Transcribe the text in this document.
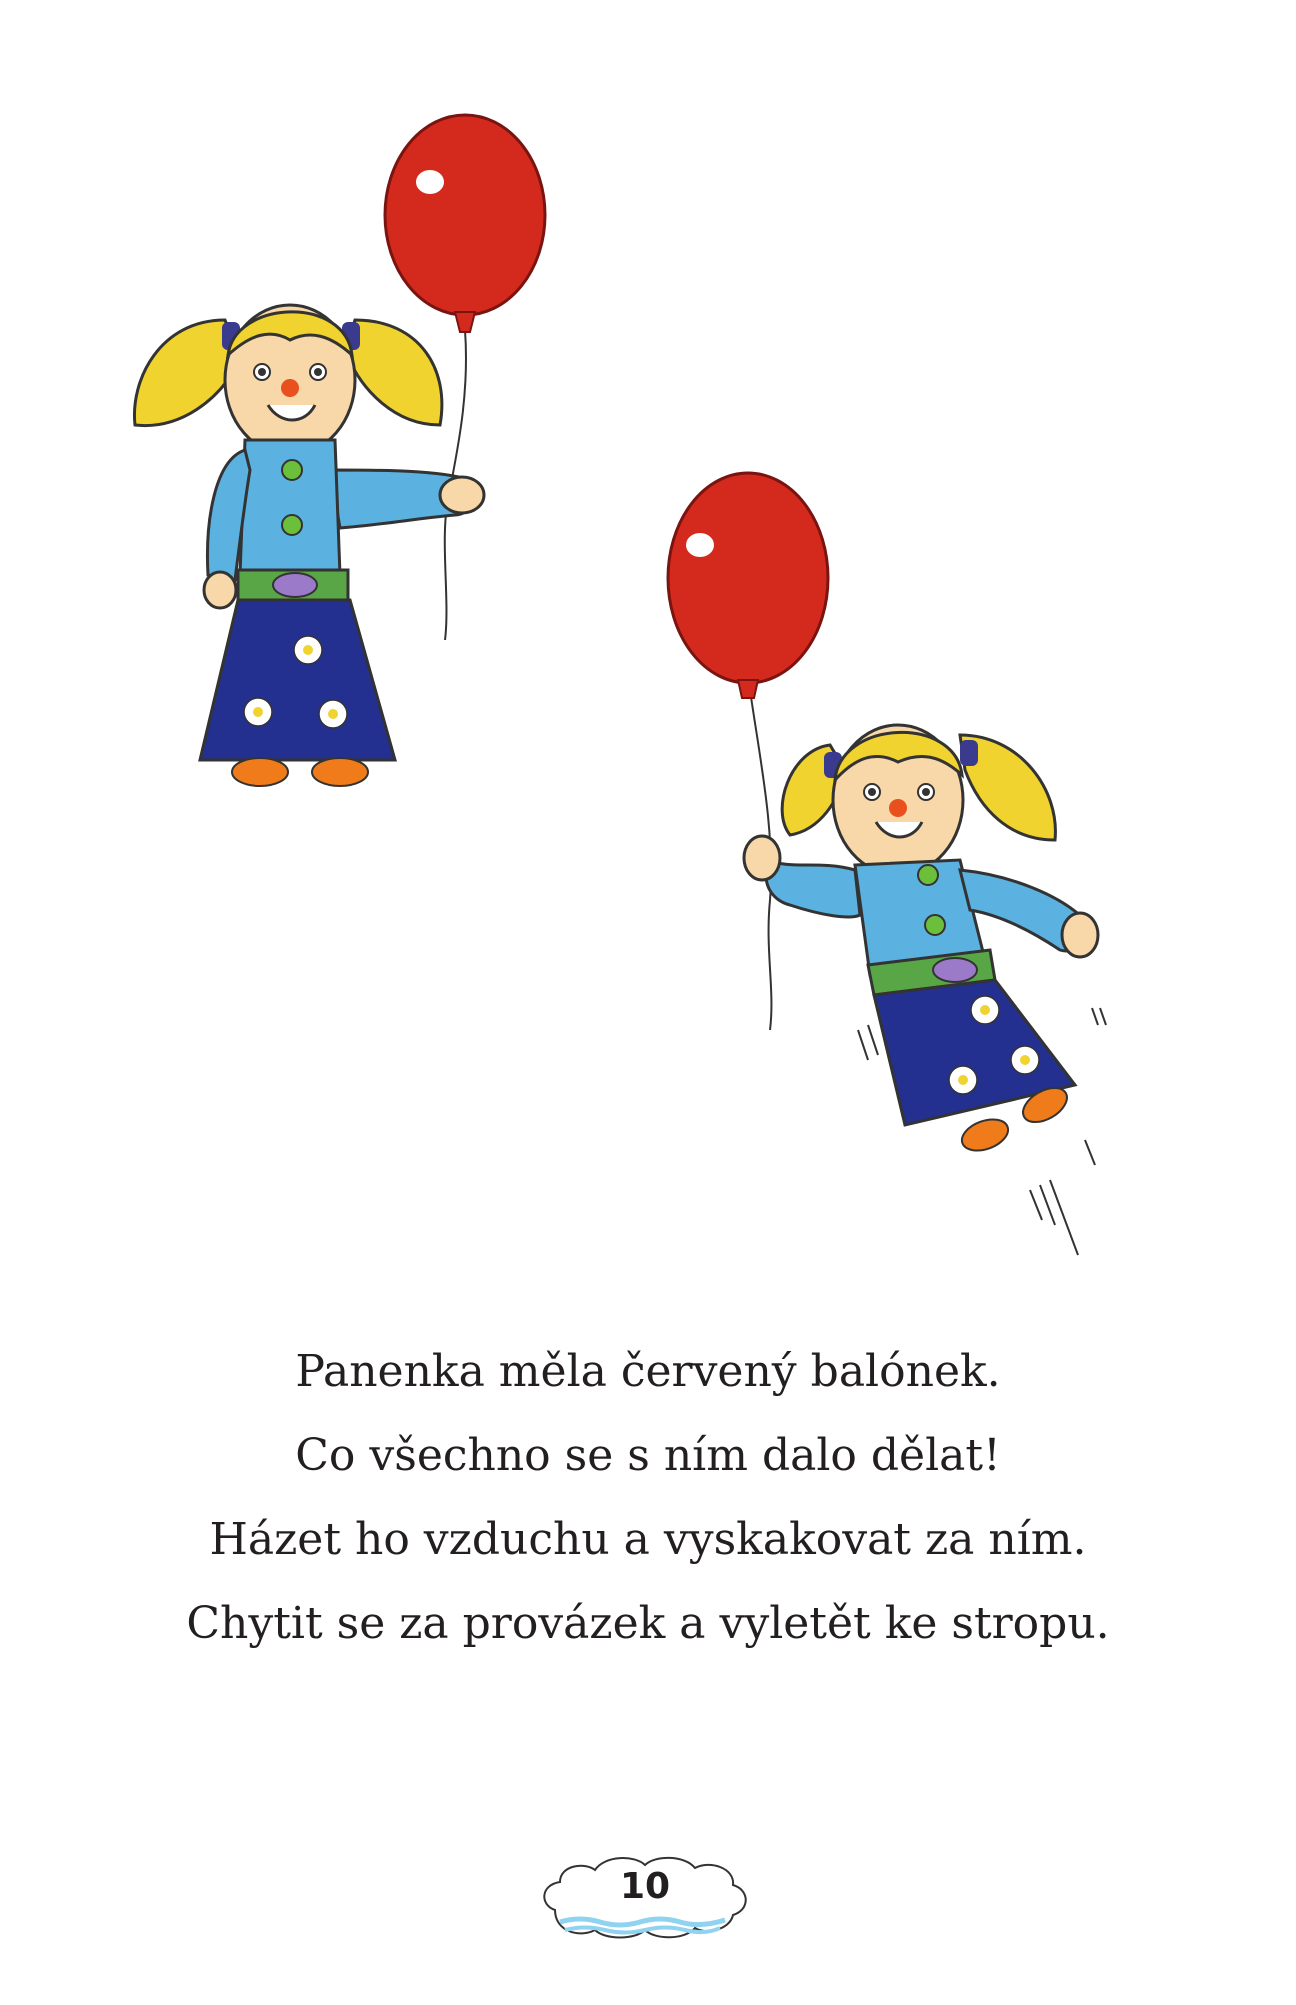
Panenka měla červený balónek.

Co všechno se s ním dalo dělat!

Házet ho vzduchu a vyskakovat za ním.

Chytit se za provázek a vyletět ke stropu.

10
